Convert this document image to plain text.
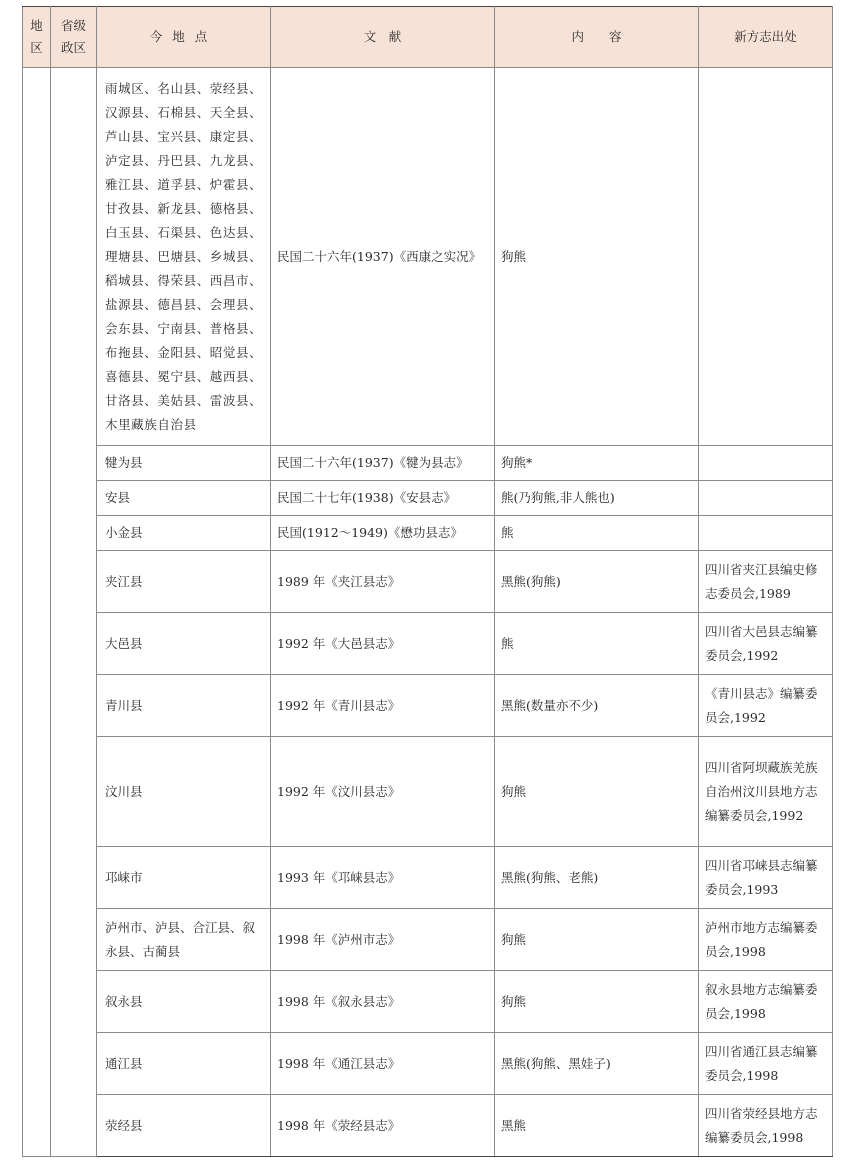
地区	省级政区	今地点	文　献	内　　容	新方志出处
		雨城区、名山县、荥经县、汉源县、石棉县、天全县、芦山县、宝兴县、康定县、泸定县、丹巴县、九龙县、雅江县、道孚县、炉霍县、甘孜县、新龙县、德格县、白玉县、石渠县、色达县、理塘县、巴塘县、乡城县、稻城县、得荣县、西昌市、盐源县、德昌县、会理县、会东县、宁南县、普格县、布拖县、金阳县、昭觉县、喜德县、冕宁县、越西县、甘洛县、美姑县、雷波县、木里藏族自治县	民国二十六年(1937)《西康之实况》	狗熊	
		犍为县	民国二十六年(1937)《犍为县志》	狗熊*	
		安县	民国二十七年(1938)《安县志》	熊(乃狗熊,非人熊也)	
		小金县	民国(1912～1949)《懋功县志》	熊	
		夹江县	1989 年《夹江县志》	黑熊(狗熊)	四川省夹江县编史修志委员会,1989
		大邑县	1992 年《大邑县志》	熊	四川省大邑县志编纂委员会,1992
		青川县	1992 年《青川县志》	黑熊(数量亦不少)	《青川县志》编纂委员会,1992
		汶川县	1992 年《汶川县志》	狗熊	四川省阿坝藏族羌族自治州汶川县地方志编纂委员会,1992
		邛崃市	1993 年《邛崃县志》	黑熊(狗熊、老熊)	四川省邛崃县志编纂委员会,1993
		泸州市、泸县、合江县、叙永县、古蔺县	1998 年《泸州市志》	狗熊	泸州市地方志编纂委员会,1998
		叙永县	1998 年《叙永县志》	狗熊	叙永县地方志编纂委员会,1998
		通江县	1998 年《通江县志》	黑熊(狗熊、黑娃子)	四川省通江县志编纂委员会,1998
		荥经县	1998 年《荥经县志》	黑熊	四川省荥经县地方志编纂委员会,1998
